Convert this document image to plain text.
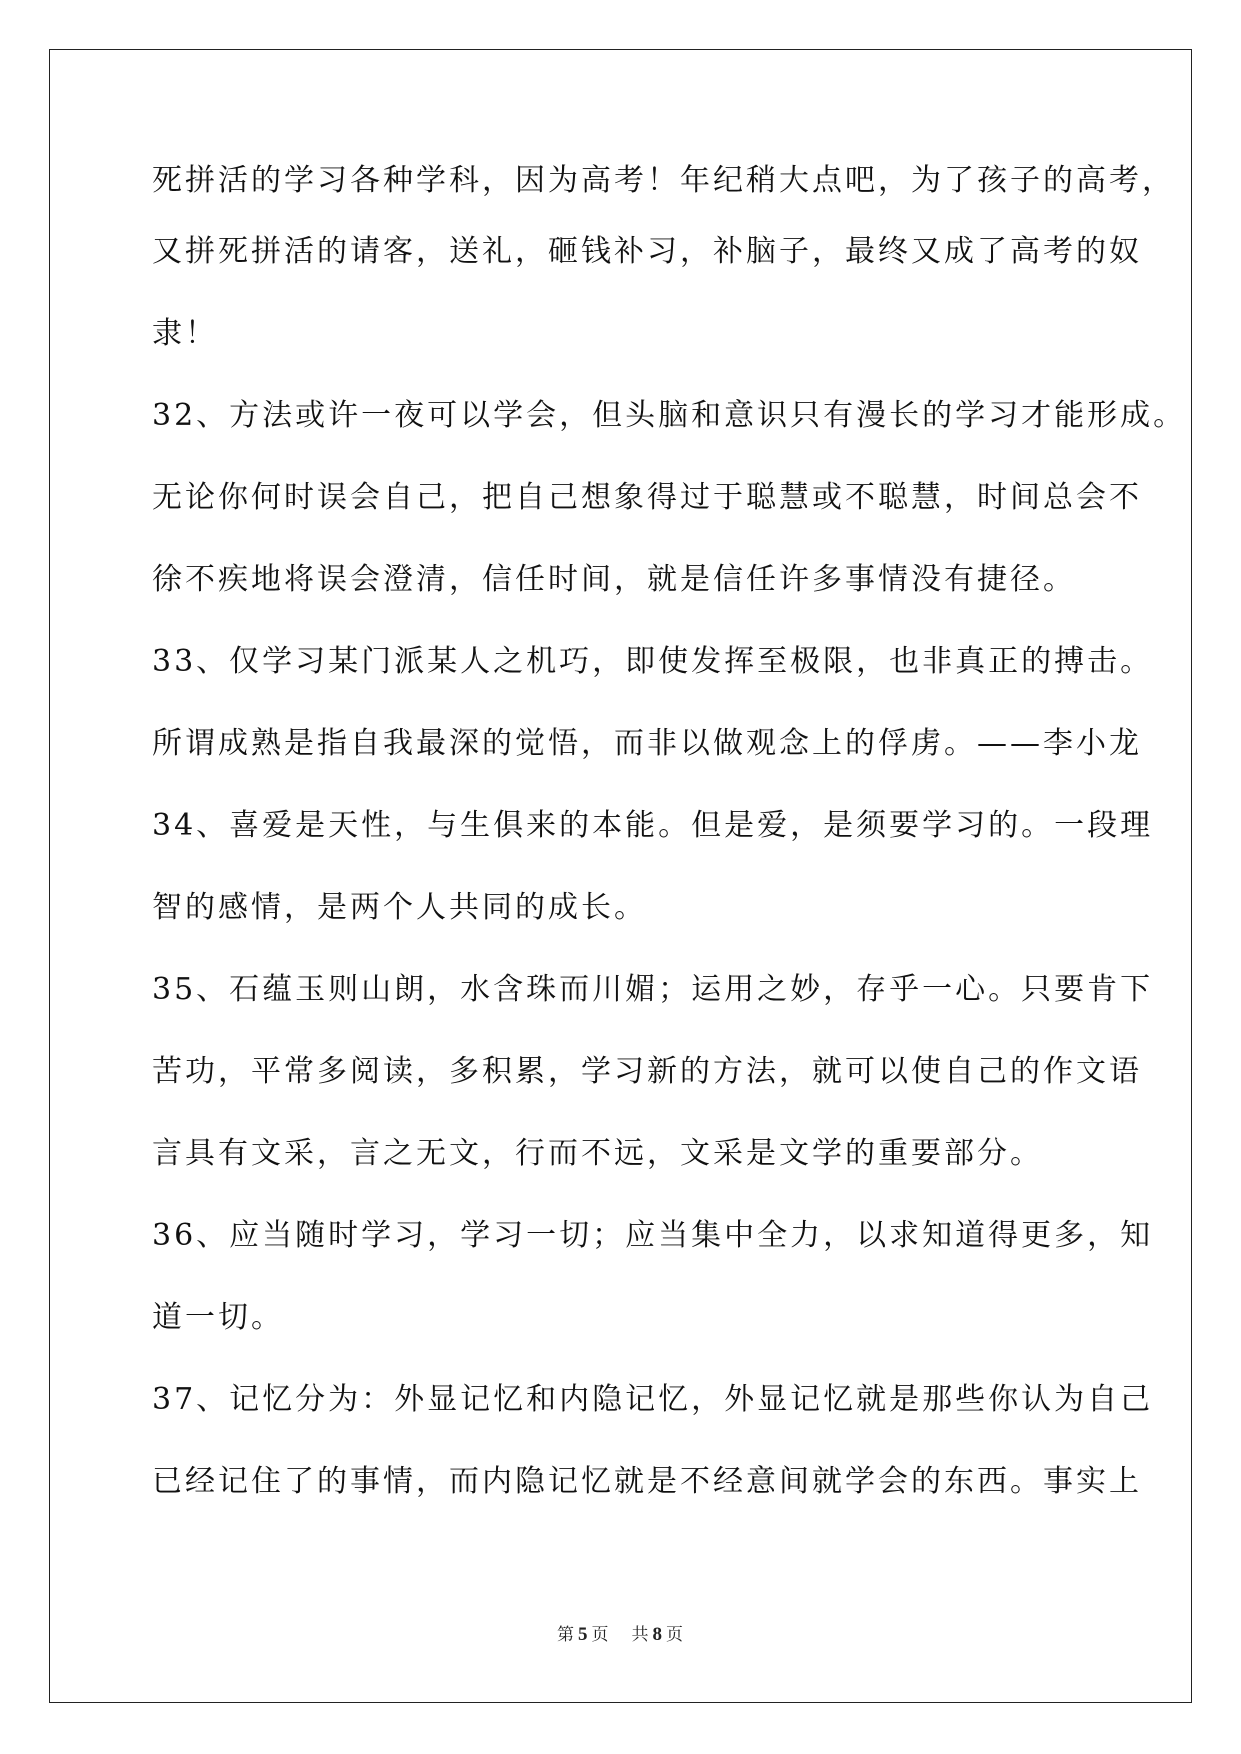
死拼活的学习各种学科，因为高考！年纪稍大点吧，为了孩子的高考，
又拼死拼活的请客，送礼，砸钱补习，补脑子，最终又成了高考的奴
隶！
32、方法或许一夜可以学会，但头脑和意识只有漫长的学习才能形成。
无论你何时误会自己，把自己想象得过于聪慧或不聪慧，时间总会不
徐不疾地将误会澄清，信任时间，就是信任许多事情没有捷径。
33、仅学习某门派某人之机巧，即使发挥至极限，也非真正的搏击。
所谓成熟是指自我最深的觉悟，而非以做观念上的俘虏。——李小龙
34、喜爱是天性，与生俱来的本能。但是爱，是须要学习的。一段理
智的感情，是两个人共同的成长。
35、石蕴玉则山朗，水含珠而川媚；运用之妙，存乎一心。只要肯下
苦功，平常多阅读，多积累，学习新的方法，就可以使自己的作文语
言具有文采，言之无文，行而不远，文采是文学的重要部分。
36、应当随时学习，学习一切；应当集中全力，以求知道得更多，知
道一切。
37、记忆分为：外显记忆和内隐记忆，外显记忆就是那些你认为自己
已经记住了的事情，而内隐记忆就是不经意间就学会的东西。事实上
第 5 页 共 8 页
